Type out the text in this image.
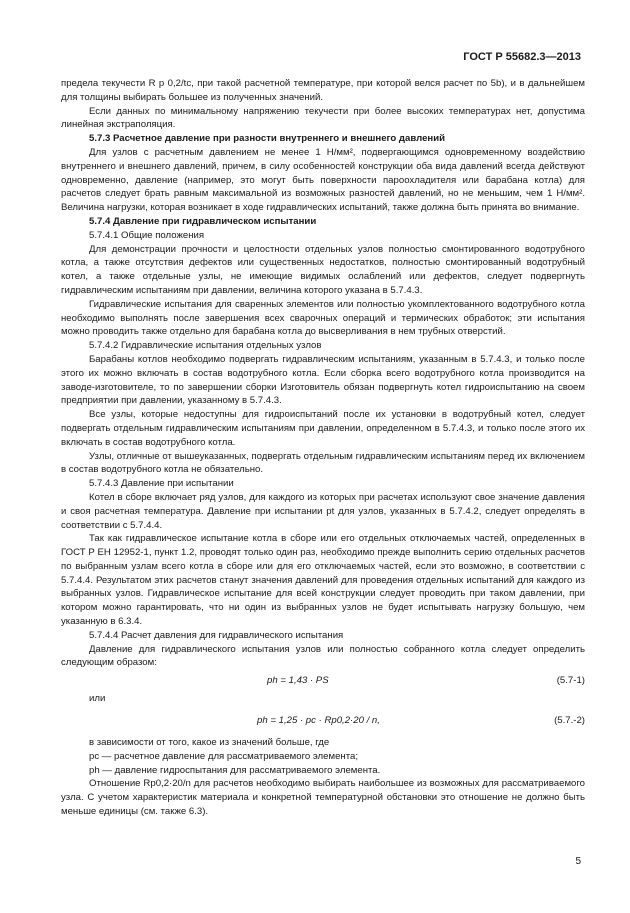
ГОСТ Р 55682.3—2013

предела текучести R p 0,2/tc, при такой расчетной температуре, при которой велся расчет по 5b), и в дальнейшем для толщины выбирать большее из полученных значений.

Если данных по минимальному напряжению текучести при более высоких температурах нет, допустима линейная экстраполяция.

5.7.3 Расчетное давление при разности внутреннего и внешнего давлений

Для узлов с расчетным давлением не менее 1 Н/мм², подвергающимся одновременному воздействию внутреннего и внешнего давлений, причем, в силу особенностей конструкции оба вида давлений всегда действуют одновременно, давление (например, это могут быть поверхности пароохладителя или барабана котла) для расчетов следует брать равным максимальной из возможных разностей давлений, но не меньшим, чем 1 Н/мм². Величина нагрузки, которая возникает в ходе гидравлических испытаний, также должна быть принята во внимание.

5.7.4 Давление при гидравлическом испытании

5.7.4.1 Общие положения

Для демонстрации прочности и целостности отдельных узлов полностью смонтированного водотрубного котла, а также отсутствия дефектов или существенных недостатков, полностью смонтированный водотрубный котел, а также отдельные узлы, не имеющие видимых ослаблений или дефектов, следует подвергнуть гидравлическим испытаниям при давлении, величина которого указана в 5.7.4.3.

Гидравлические испытания для сваренных элементов или полностью укомплектованного водотрубного котла необходимо выполнять после завершения всех сварочных операций и термических обработок; эти испытания можно проводить также отдельно для барабана котла до высверливания в нем трубных отверстий.

5.7.4.2 Гидравлические испытания отдельных узлов

Барабаны котлов необходимо подвергать гидравлическим испытаниям, указанным в 5.7.4.3, и только после этого их можно включать в состав водотрубного котла. Если сборка всего водотрубного котла производится на заводе-изготовителе, то по завершении сборки Изготовитель обязан подвергнуть котел гидроиспытанию на своем предприятии при давлении, указанному в 5.7.4.3.

Все узлы, которые недоступны для гидроиспытаний после их установки в водотрубный котел, следует подвергать отдельным гидравлическим испытаниям при давлении, определенном в 5.7.4.3, и только после этого их включать в состав водотрубного котла.

Узлы, отличные от вышеуказанных, подвергать отдельным гидравлическим испытаниям перед их включением в состав водотрубного котла не обязательно.

5.7.4.3 Давление при испытании

Котел в сборе включает ряд узлов, для каждого из которых при расчетах используют свое значение давления и своя расчетная температура. Давление при испытании pt для узлов, указанных в 5.7.4.2, следует определять в соответствии с 5.7.4.4.

Так как гидравлическое испытание котла в сборе или его отдельных отключаемых частей, определенных в ГОСТ Р ЕН 12952-1, пункт 1.2, проводят только один раз, необходимо прежде выполнить серию отдельных расчетов по выбранным узлам всего котла в сборе или для его отключаемых частей, если это возможно, в соответствии с 5.7.4.4. Результатом этих расчетов станут значения давлений для проведения отдельных испытаний для каждого из выбранных узлов. Гидравлическое испытание для всей конструкции следует проводить при таком давлении, при котором можно гарантировать, что ни один из выбранных узлов не будет испытывать нагрузку большую, чем указанную в 6.3.4.

5.7.4.4 Расчет давления для гидравлического испытания

Давление для гидравлического испытания узлов или полностью собранного котла следует определить следующим образом:

ph = 1,43 · PS	(5.7-1)

или

ph = 1,25 · pc · Rp0,2·20 / n,	(5.7.-2)

в зависимости от того, какое из значений больше, где

pc — расчетное давление для рассматриваемого элемента;

ph — давление гидроспытания для рассматриваемого элемента.

Отношение Rp0,2·20/n для расчетов необходимо выбирать наибольшее из возможных для рассматриваемого узла. С учетом характеристик материала и конкретной температурной обстановки это отношение не должно быть меньше единицы (см. также 6.3).

5
